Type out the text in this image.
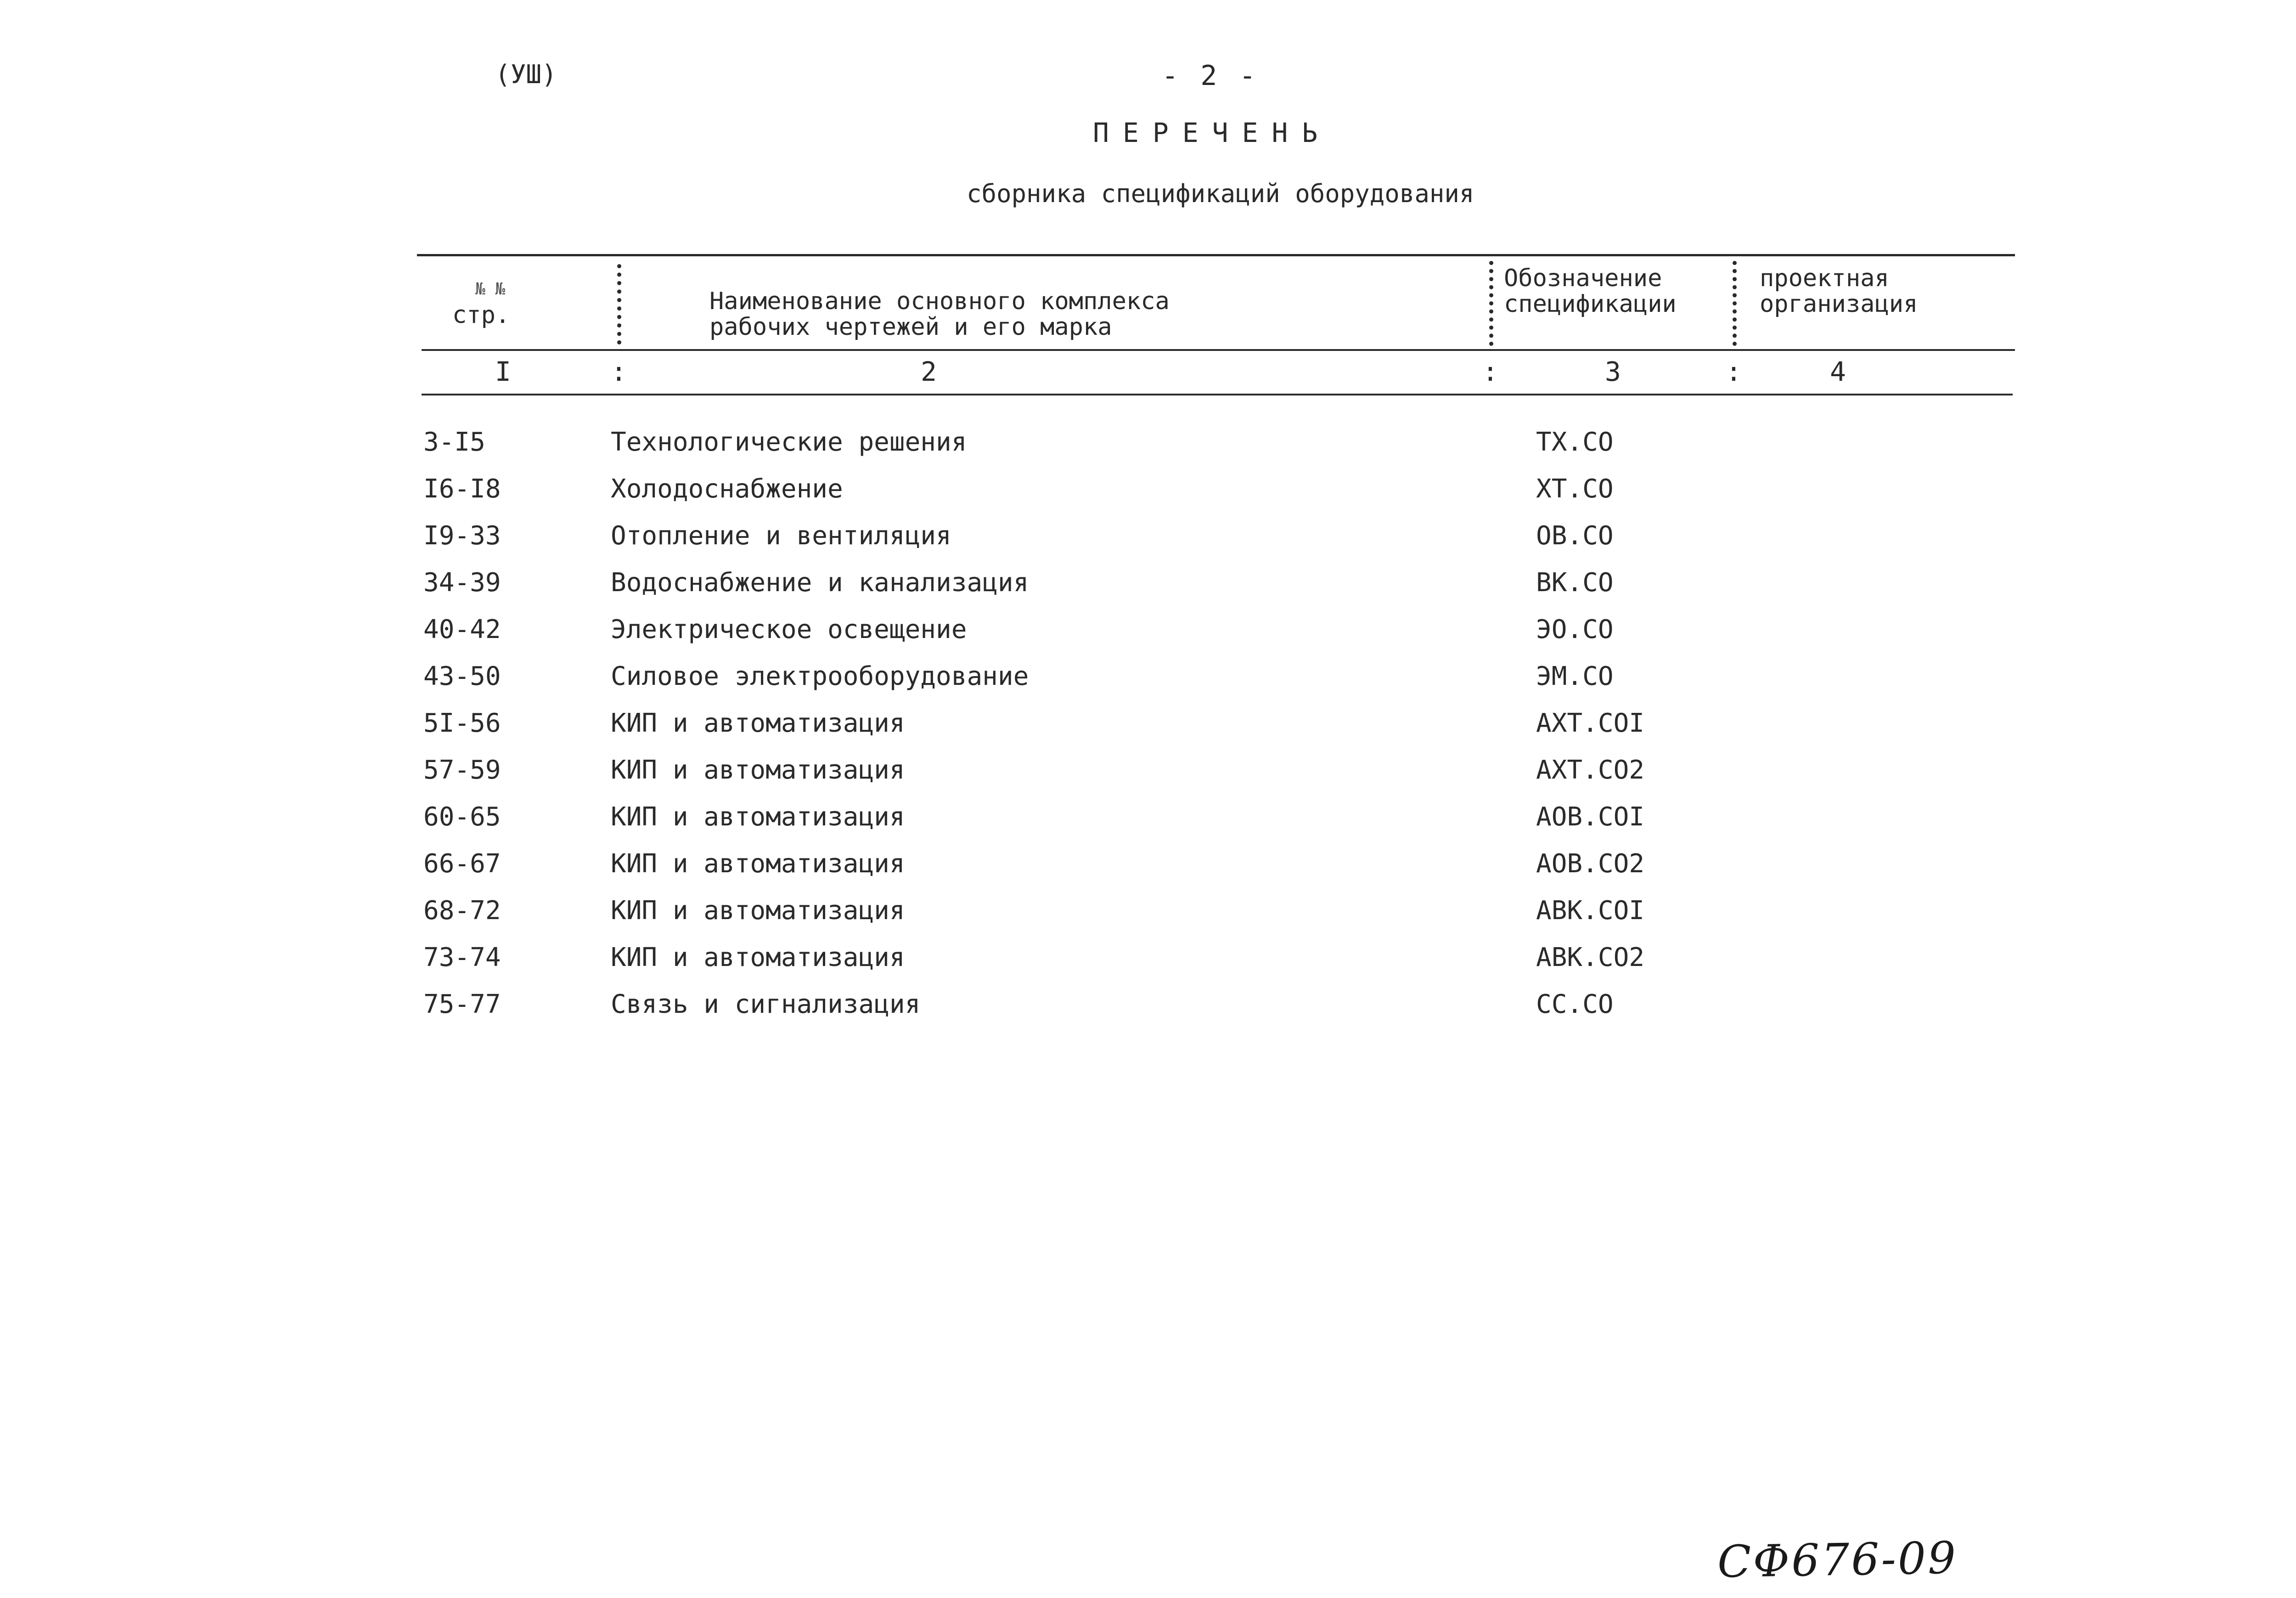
(УШ)	- 2 -
ПЕРЕЧЕНЬ
сборника спецификаций оборудования
№ №
стр.	Наименование основного комплекса
рабочих чертежей и его марка
Обозначение
спецификации
проектная
организация
I	:	2	:	3	:	4
3-I5	Технологические решения	ТХ.СО
I6-I8	Холодоснабжение	ХТ.СО
I9-33	Отопление и вентиляция	ОВ.СО
34-39	Водоснабжение и канализация	ВК.СО
40-42	Электрическое освещение	ЭО.СО
43-50	Силовое электрооборудование	ЭМ.СО
5I-56	КИП и автоматизация	АХТ.СОI
57-59	КИП и автоматизация	АХТ.СО2
60-65	КИП и автоматизация	АОВ.СОI
66-67	КИП и автоматизация	АОВ.СО2
68-72	КИП и автоматизация	АВК.СОI
73-74	КИП и автоматизация	АВК.СО2
75-77	Связь и сигнализация	СС.СО
СФ676-09
